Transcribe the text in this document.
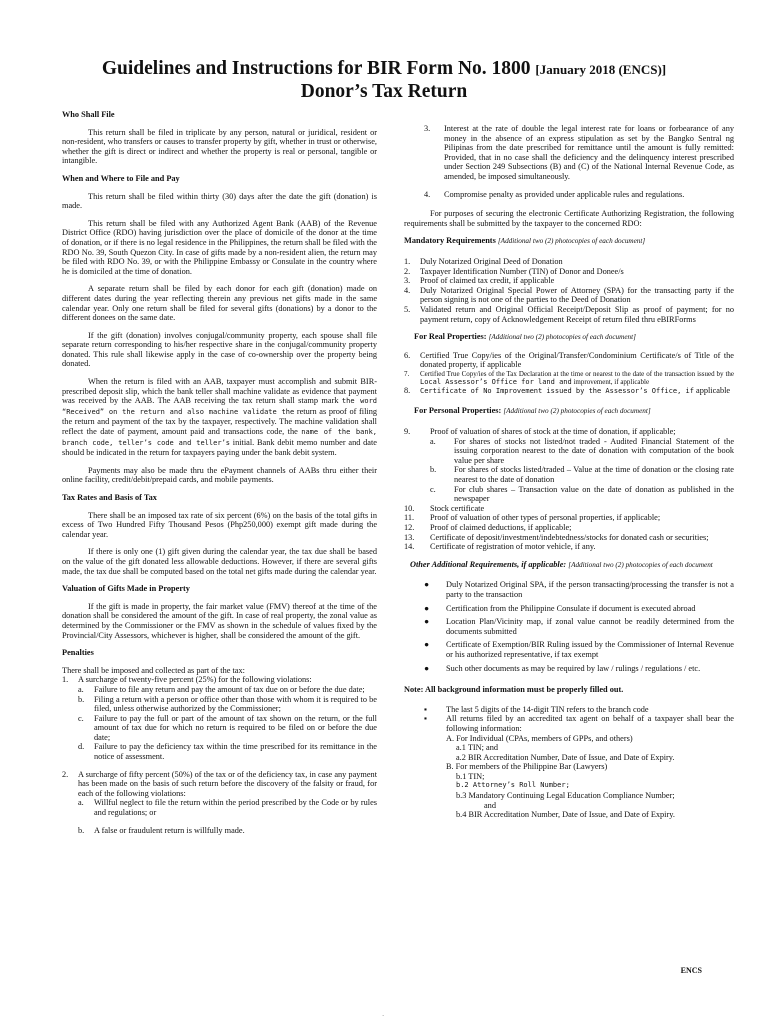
Guidelines and Instructions for BIR Form No. 1800 [January 2018 (ENCS)]
Donor’s Tax Return
Who Shall File

This return shall be filed in triplicate by any person, natural or juridical, resident or non-resident, who transfers or causes to transfer property by gift, whether in trust or otherwise, whether the gift is direct or indirect and whether the property is real or personal, tangible or intangible.

When and Where to File and Pay

This return shall be filed within thirty (30) days after the date the gift (donation) is made.

This return shall be filed with any Authorized Agent Bank (AAB) of the Revenue District Office (RDO) having jurisdiction over the place of domicile of the donor at the time of donation, or if there is no legal residence in the Philippines, the return shall be filed with the RDO No. 39, South Quezon City. In case of gifts made by a non-resident alien, the return may be filed with RDO No. 39, or with the Philippine Embassy or Consulate in the country where he is domiciled at the time of donation.

A separate return shall be filed by each donor for each gift (donation) made on different dates during the year reflecting therein any previous net gifts made in the same calendar year. Only one return shall be filed for several gifts (donations) by a donor to the different donees on the same date.

If the gift (donation) involves conjugal/community property, each spouse shall file separate return corresponding to his/her respective share in the conjugal/community property donated. This rule shall likewise apply in the case of co-ownership over the property being donated.

When the return is filed with an AAB, taxpayer must accomplish and submit BIR-prescribed deposit slip, which the bank teller shall machine validate as evidence that payment was received by the AAB. The AAB receiving the tax return shall stamp mark the word “Received” on the return and also machine validate the return as proof of filing the return and payment of the tax by the taxpayer, respectively. The machine validation shall reflect the date of payment, amount paid and transactions code, the name of the bank, branch code, teller’s code and teller’s initial. Bank debit memo number and date should be indicated in the return for taxpayers paying under the bank debit system.

Payments may also be made thru the ePayment channels of AABs thru either their online facility, credit/debit/prepaid cards, and mobile payments.

Tax Rates and Basis of Tax

There shall be an imposed tax rate of six percent (6%) on the basis of the total gifts in excess of Two Hundred Fifty Thousand Pesos (Php250,000) exempt gift made during the calendar year.

If there is only one (1) gift given during the calendar year, the tax due shall be based on the value of the gift donated less allowable deductions. However, if there are several gifts made, the tax due shall be computed based on the total net gifts made during the calendar year.

Valuation of Gifts Made in Property

If the gift is made in property, the fair market value (FMV) thereof at the time of the donation shall be considered the amount of the gift. In case of real property, the zonal value as determined by the Commissioner or the FMV as shown in the schedule of values fixed by the Provincial/City Assessors, whichever is higher, shall be considered the amount of the gift.

Penalties
There shall be imposed and collected as part of the tax:
1.	A surcharge of twenty-five percent (25%) for the following violations:
a.	Failure to file any return and pay the amount of tax due on or before the due date;
b.	Filing a return with a person or office other than those with whom it is required to be filed, unless otherwise authorized by the Commissioner;
c.	Failure to pay the full or part of the amount of tax shown on the return, or the full amount of tax due for which no return is required to be filed on or before the due date;
d.	Failure to pay the deficiency tax within the time prescribed for its remittance in the notice of assessment.
2.	A surcharge of fifty percent (50%) of the tax or of the deficiency tax, in case any payment has been made on the basis of such return before the discovery of the falsity or fraud, for each of the following violations:
a.	Willful neglect to file the return within the period prescribed by the Code or by rules and regulations; or
b.	A false or fraudulent return is willfully made.
3.	Interest at the rate of double the legal interest rate for loans or forbearance of any money in the absence of an express stipulation as set by the Bangko Sentral ng Pilipinas from the date prescribed for remittance until the amount is fully remitted: Provided, that in no case shall the deficiency and the delinquency interest prescribed under Section 249 Subsections (B) and (C) of the National Internal Revenue Code, as amended, be imposed simultaneously.
4.	Compromise penalty as provided under applicable rules and regulations.

For purposes of securing the electronic Certificate Authorizing Registration, the following requirements shall be submitted by the taxpayer to the concerned RDO:

Mandatory Requirements [Additional two (2) photocopies of each document]
1.	Duly Notarized Original Deed of Donation
2.	Taxpayer Identification Number (TIN) of Donor and Donee/s
3.	Proof of claimed tax credit, if applicable
4.	Duly Notarized Original Special Power of Attorney (SPA) for the transacting party if the person signing is not one of the parties to the Deed of Donation
5.	Validated return and Original Official Receipt/Deposit Slip as proof of payment; for no payment return, copy of Acknowledgement Receipt of return filed thru eBIRForms
For Real Properties: [Additional two (2) photocopies of each document]
6.	Certified True Copy/ies of the Original/Transfer/Condominium Certificate/s of Title of the donated property, if applicable
7.	Certified True Copy/ies of the Tax Declaration at the time or nearest to the date of the transaction issued by the Local Assessor’s Office for land and improvement, if applicable
8.	Certificate of No Improvement issued by the Assessor’s Office, if applicable
For Personal Properties: [Additional two (2) photocopies of each document]
9.	Proof of valuation of shares of stock at the time of donation, if applicable;
a.	For shares of stocks not listed/not traded - Audited Financial Statement of the issuing corporation nearest to the date of donation with computation of the book value per share
b.	For shares of stocks listed/traded – Value at the time of donation or the closing rate nearest to the date of donation
c.	For club shares – Transaction value on the date of donation as published in the newspaper
10.	Stock certificate
11.	Proof of valuation of other types of personal properties, if applicable;
12.	Proof of claimed deductions, if applicable;
13.	Certificate of deposit/investment/indebtedness/stocks for donated cash or securities;
14.	Certificate of registration of motor vehicle, if any.
Other Additional Requirements, if applicable: [Additional two (2) photocopies of each document
●	Duly Notarized Original SPA, if the person transacting/processing the transfer is not a party to the transaction
●	Certification from the Philippine Consulate if document is executed abroad
●	Location Plan/Vicinity map, if zonal value cannot be readily determined from the documents submitted
●	Certificate of Exemption/BIR Ruling issued by the Commissioner of Internal Revenue or his authorized representative, if tax exempt
●	Such other documents as may be required by law / rulings / regulations / etc.
Note: All background information must be properly filled out.
▪	The last 5 digits of the 14-digit TIN refers to the branch code
▪	All returns filed by an accredited tax agent on behalf of a taxpayer shall bear the following information:
A. For Individual (CPAs, members of GPPs, and others)
a.1 TIN; and
a.2 BIR Accreditation Number, Date of Issue, and Date of Expiry.
B. For members of the Philippine Bar (Lawyers)
b.1 TIN;
b.2 Attorney’s Roll Number;
b.3 Mandatory Continuing Legal Education Compliance Number;
and
b.4 BIR Accreditation Number, Date of Issue, and Date of Expiry.
ENCS
`
